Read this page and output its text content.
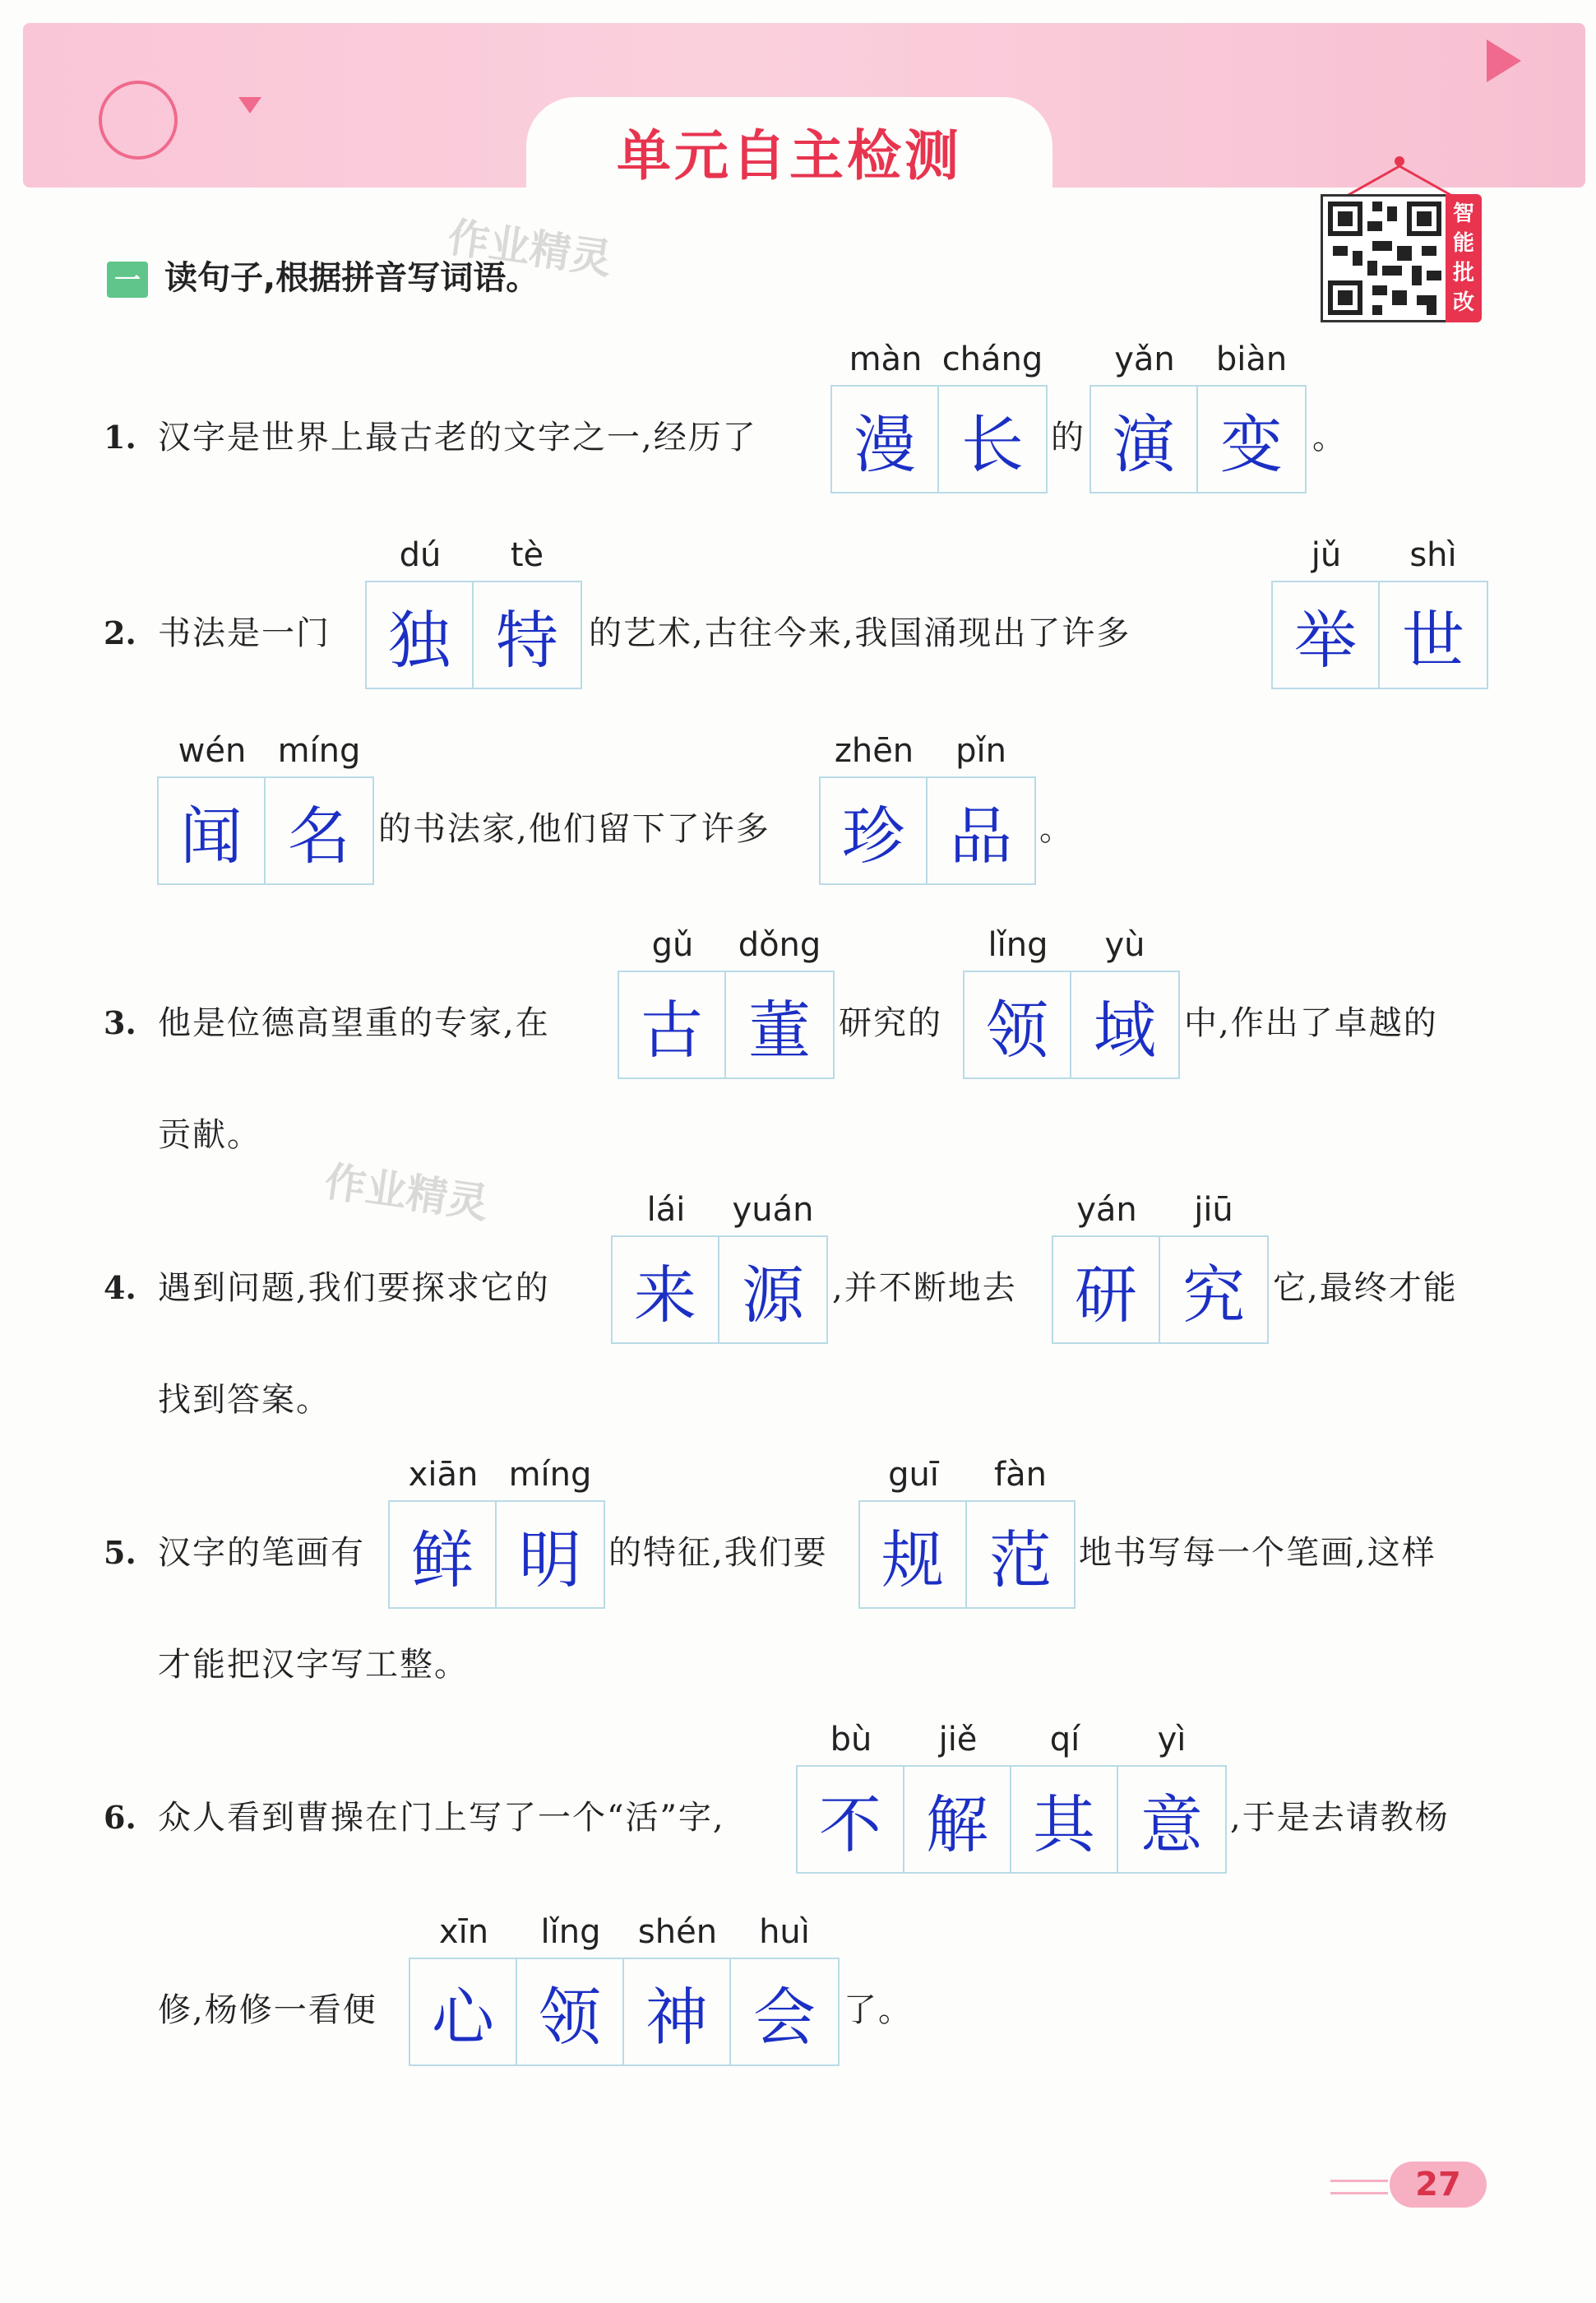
单元自主检测
智能批改
一 读句子,根据拼音写词语。
作业精灵
作业精灵
1. 汉字是世界上最古老的文字之一,经历了
màn cháng
漫 长 的
yǎn	biàn
演 变 。
2. 书法是一门
dú	tè
独 特 的艺术,古往今来,我国涌现出了许多
jǔ	shì
举 世
wén míng
闻 名 的书法家,他们留下了许多
zhēn	pǐn
珍 品 。
3. 他是位德高望重的专家,在
gǔ	dǒng
古 董 研究的
lǐng	yù
领 域 中,作出了卓越的
贡献。
4. 遇到问题,我们要探求它的
lái	yuán
来 源 ,并不断地去
yán	jiū
研 究 它,最终才能
找到答案。
5. 汉字的笔画有
xiān míng
鲜 明 的特征,我们要
guī	fàn
规 范 地书写每一个笔画,这样
才能把汉字写工整。
6. 众人看到曹操在门上写了一个“活”字,
bù	jiě	qí	yì
不 解 其 意 ,于是去请教杨
修,杨修一看便
xīn	lǐng	shén	huì
心 领 神 会 了。
27
